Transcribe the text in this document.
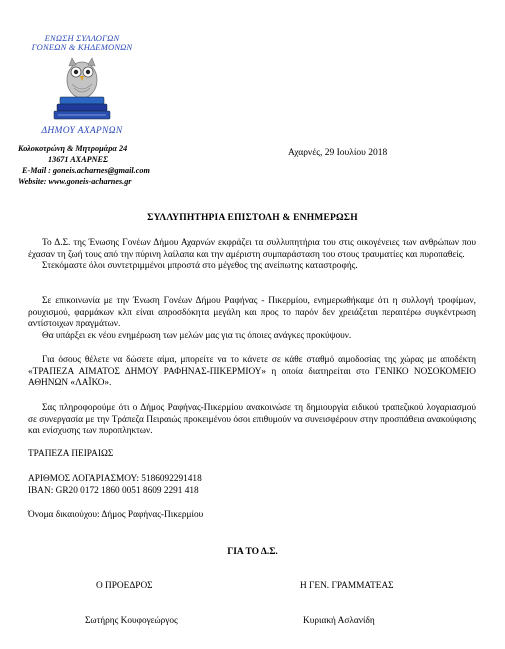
ΕΝΩΣΗ ΣΥΛΛΟΓΩΝ
ΓΟΝΕΩΝ & ΚΗΔΕΜΟΝΩΝ
ΔΗΜΟΥ ΑΧΑΡΝΩΝ
Κολοκοτρώνη & Μητρομάρα 24
13671 ΑΧΑΡΝΕΣ
E-Mail : goneis.acharnes@gmail.com
Website: www.goneis-acharnes.gr
Αχαρνές, 29 Ιουλίου 2018
ΣΥΛΛΥΠΗΤΗΡΙΑ ΕΠΙΣΤΟΛΗ & ΕΝΗΜΕΡΩΣΗ

Το Δ.Σ. της Ένωσης Γονέων Δήμου Αχαρνών εκφράζει τα συλλυπητήρια του στις οικογένειες των ανθρώπων που έχασαν τη ζωή τους από την πύρινη λαίλαπα και την αμέριστη συμπαράσταση του στους τραυματίες και πυροπαθείς.

Στεκόμαστε όλοι συντετριμμένοι μπροστά στο μέγεθος της ανείπωτης καταστροφής.

Σε επικοινωνία με την Ένωση Γονέων Δήμου Ραφήνας - Πικερμίου, ενημερωθήκαμε ότι η συλλογή τροφίμων, ρουχισμού, φαρμάκων κλπ είναι απροσδόκητα μεγάλη και προς το παρόν δεν χρειάζεται περαιτέρω συγκέντρωση αντίστοιχων πραγμάτων.

Θα υπάρξει εκ νέου ενημέρωση των μελών μας για τις όποιες ανάγκες προκύψουν.

Για όσους θέλετε να δώσετε αίμα, μπορείτε να το κάνετε σε κάθε σταθμό αιμοδοσίας της χώρας με αποδέκτη «ΤΡΑΠΕΖΑ ΑΙΜΑΤΟΣ ΔΗΜΟΥ ΡΑΦΗΝΑΣ-ΠΙΚΕΡΜΙΟΥ» η οποία διατηρείται στο ΓΕΝΙΚΟ ΝΟΣΟΚΟΜΕΙΟ ΑΘΗΝΩΝ «ΛΑΪΚΟ».

Σας πληροφορούμε ότι ο Δήμος Ραφήνας-Πικερμίου ανακοινώσε τη δημιουργία ειδικού τραπεζικού λογαριασμού σε συνεργασία με την Τράπεζα Πειραιώς προκειμένου όσοι επιθυμούν να συνεισφέρουν στην προσπάθεια ανακούφισης και ενίσχυσης των πυροπληκτων.

ΤΡΑΠΕΖΑ ΠΕΙΡΑΙΩΣ
ΑΡΙΘΜΟΣ ΛΟΓΑΡΙΑΣΜΟΥ: 5186092291418
IBAN: GR20 0172 1860 0051 8609 2291 418
Όνομα δικαιούχου: Δήμος Ραφήνας-Πικερμίου
ΓΙΑ ΤΟ Δ.Σ.
Ο ΠΡΟΕΔΡΟΣ	Η ΓΕΝ. ΓΡΑΜΜΑΤΕΑΣ
Σωτήρης Κουφογεώργος	Κυριακή Ασλανίδη
